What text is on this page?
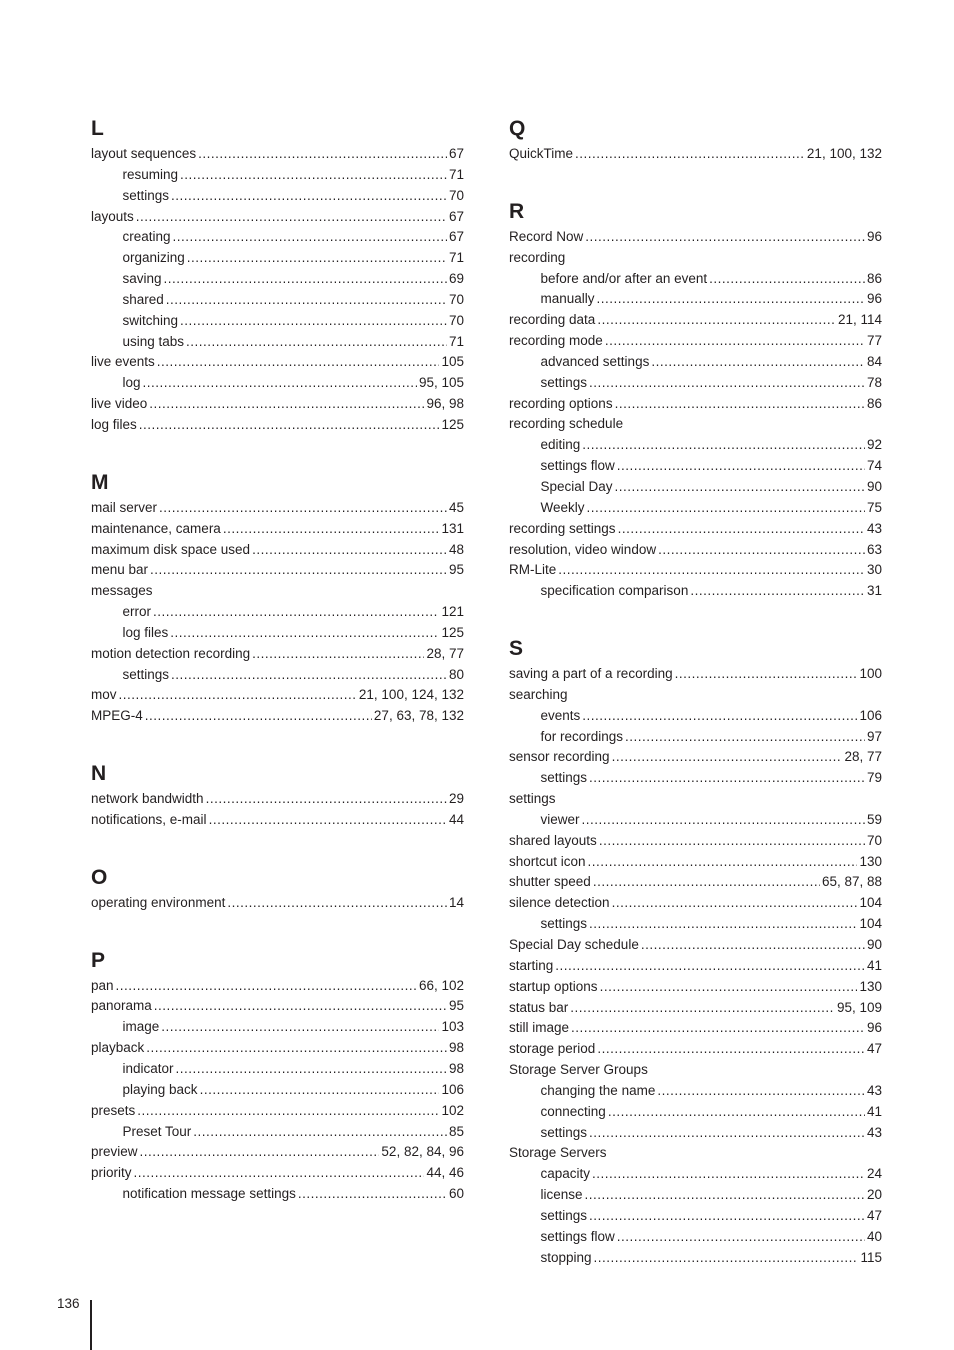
L
layout sequences .....	67
resuming .....	71
settings .....	70
layouts .....	67
creating .....	67
organizing .....	71
saving .....	69
shared .....	70
switching .....	70
using tabs .....	71
live events .....	105
log .....	95, 105
live video .....	96, 98
log files .....	125
M
mail server .....	45
maintenance, camera .....	131
maximum disk space used .....	48
menu bar .....	95
messages
error .....	121
log files .....	125
motion detection recording .....	28, 77
settings .....	80
mov .....	21, 100, 124, 132
MPEG-4 .....	27, 63, 78, 132
N
network bandwidth .....	29
notifications, e-mail .....	44
O
operating environment .....	14
P
pan .....	66, 102
panorama .....	95
image .....	103
playback .....	98
indicator .....	98
playing back .....	106
presets .....	102
Preset Tour .....	85
preview .....	52, 82, 84, 96
priority .....	44, 46
notification message settings .....	60
Q
QuickTime .....	21, 100, 132
R
Record Now .....	96
recording
before and/or after an event .....	86
manually .....	96
recording data .....	21, 114
recording mode .....	77
advanced settings .....	84
settings .....	78
recording options .....	86
recording schedule
editing .....	92
settings flow .....	74
Special Day .....	90
Weekly .....	75
recording settings .....	43
resolution, video window .....	63
RM-Lite .....	30
specification comparison .....	31
S
saving a part of a recording .....	100
searching
events .....	106
for recordings .....	97
sensor recording .....	28, 77
settings .....	79
settings
viewer .....	59
shared layouts .....	70
shortcut icon .....	130
shutter speed .....	65, 87, 88
silence detection .....	104
settings .....	104
Special Day schedule .....	90
starting .....	41
startup options .....	130
status bar .....	95, 109
still image .....	96
storage period .....	47
Storage Server Groups
changing the name .....	43
connecting .....	41
settings .....	43
Storage Servers
capacity .....	24
license .....	20
settings .....	47
settings flow .....	40
stopping .....	115
136
